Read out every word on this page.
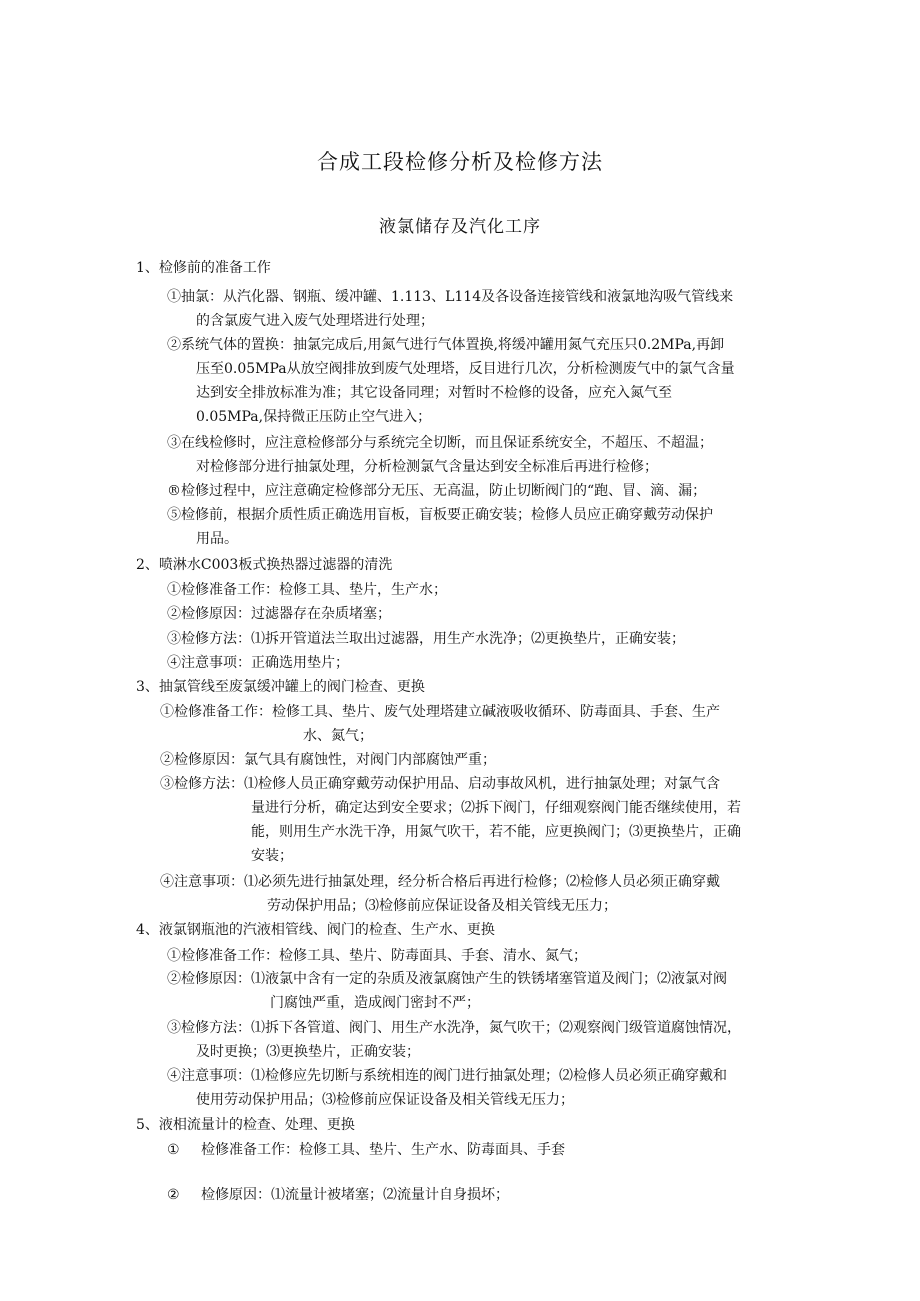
合成工段检修分析及检修方法
液氯储存及汽化工序
1、检修前的准备工作
①抽氯：从汽化器、钢瓶、缓冲罐、1.113、L114及各设备连接管线和液氯地沟吸气管线来
的含氯废气进入废气处理塔进行处理；
②系统气体的置换：抽氯完成后,用氮气进行气体置换,将缓冲罐用氮气充压只0.2MPa,再卸
压至0.05MPa从放空阀排放到废气处理塔，反目进行几次，分析检测废气中的氯气含量
达到安全排放标准为准；其它设备同理；对暂时不检修的设备，应充入氮气至
0.05MPa,保持微正压防止空气进入；
③在线检修时，应注意检修部分与系统完全切断，而且保证系统安全，不超压、不超温；
对检修部分进行抽氯处理，分析检测氯气含量达到安全标准后再进行检修；
®检修过程中，应注意确定检修部分无压、无高温，防止切断阀门的“跑、冒、滴、漏；
⑤检修前，根据介质性质正确选用盲板，盲板要正确安装；检修人员应正确穿戴劳动保护
用品。
2、喷淋水C003板式换热器过滤器的清洗
①检修准备工作：检修工具、垫片，生产水；
②检修原因：过滤器存在杂质堵塞；
③检修方法：⑴拆开管道法兰取出过滤器，用生产水洗净；⑵更换垫片，正确安装；
④注意事项：正确选用垫片；
3、抽氯管线至废氯缓冲罐上的阀门检查、更换
①检修准备工作：检修工具、垫片、废气处理塔建立碱液吸收循环、防毒面具、手套、生产
水、氮气；
②检修原因：氯气具有腐蚀性，对阀门内部腐蚀严重；
③检修方法：⑴检修人员正确穿戴劳动保护用品、启动事故风机，进行抽氯处理；对氯气含
量进行分析，确定达到安全要求；⑵拆下阀门，仔细观察阀门能否继续使用，若
能，则用生产水洗干净，用氮气吹干，若不能，应更换阀门；⑶更换垫片，正确
安装；
④注意事项：⑴必须先进行抽氯处理，经分析合格后再进行检修；⑵检修人员必须正确穿戴
劳动保护用品；⑶检修前应保证设备及相关管线无压力；
4、液氯钢瓶池的汽液相管线、阀门的检查、生产水、更换
①检修准备工作：检修工具、垫片、防毒面具、手套、清水、氮气；
②检修原因：⑴液氯中含有一定的杂质及液氯腐蚀产生的铁锈堵塞管道及阀门；⑵液氯对阀
门腐蚀严重，造成阀门密封不严；
③检修方法：⑴拆下各管道、阀门、用生产水洗净，氮气吹干；⑵观察阀门级管道腐蚀情况，
及时更换；⑶更换垫片，正确安装；
④注意事项：⑴检修应先切断与系统相连的阀门进行抽氯处理；⑵检修人员必须正确穿戴和
使用劳动保护用品；⑶检修前应保证设备及相关管线无压力；
5、液相流量计的检查、处理、更换
① 检修准备工作：检修工具、垫片、生产水、防毒面具、手套
② 检修原因：⑴流量计被堵塞；⑵流量计自身损坏；
